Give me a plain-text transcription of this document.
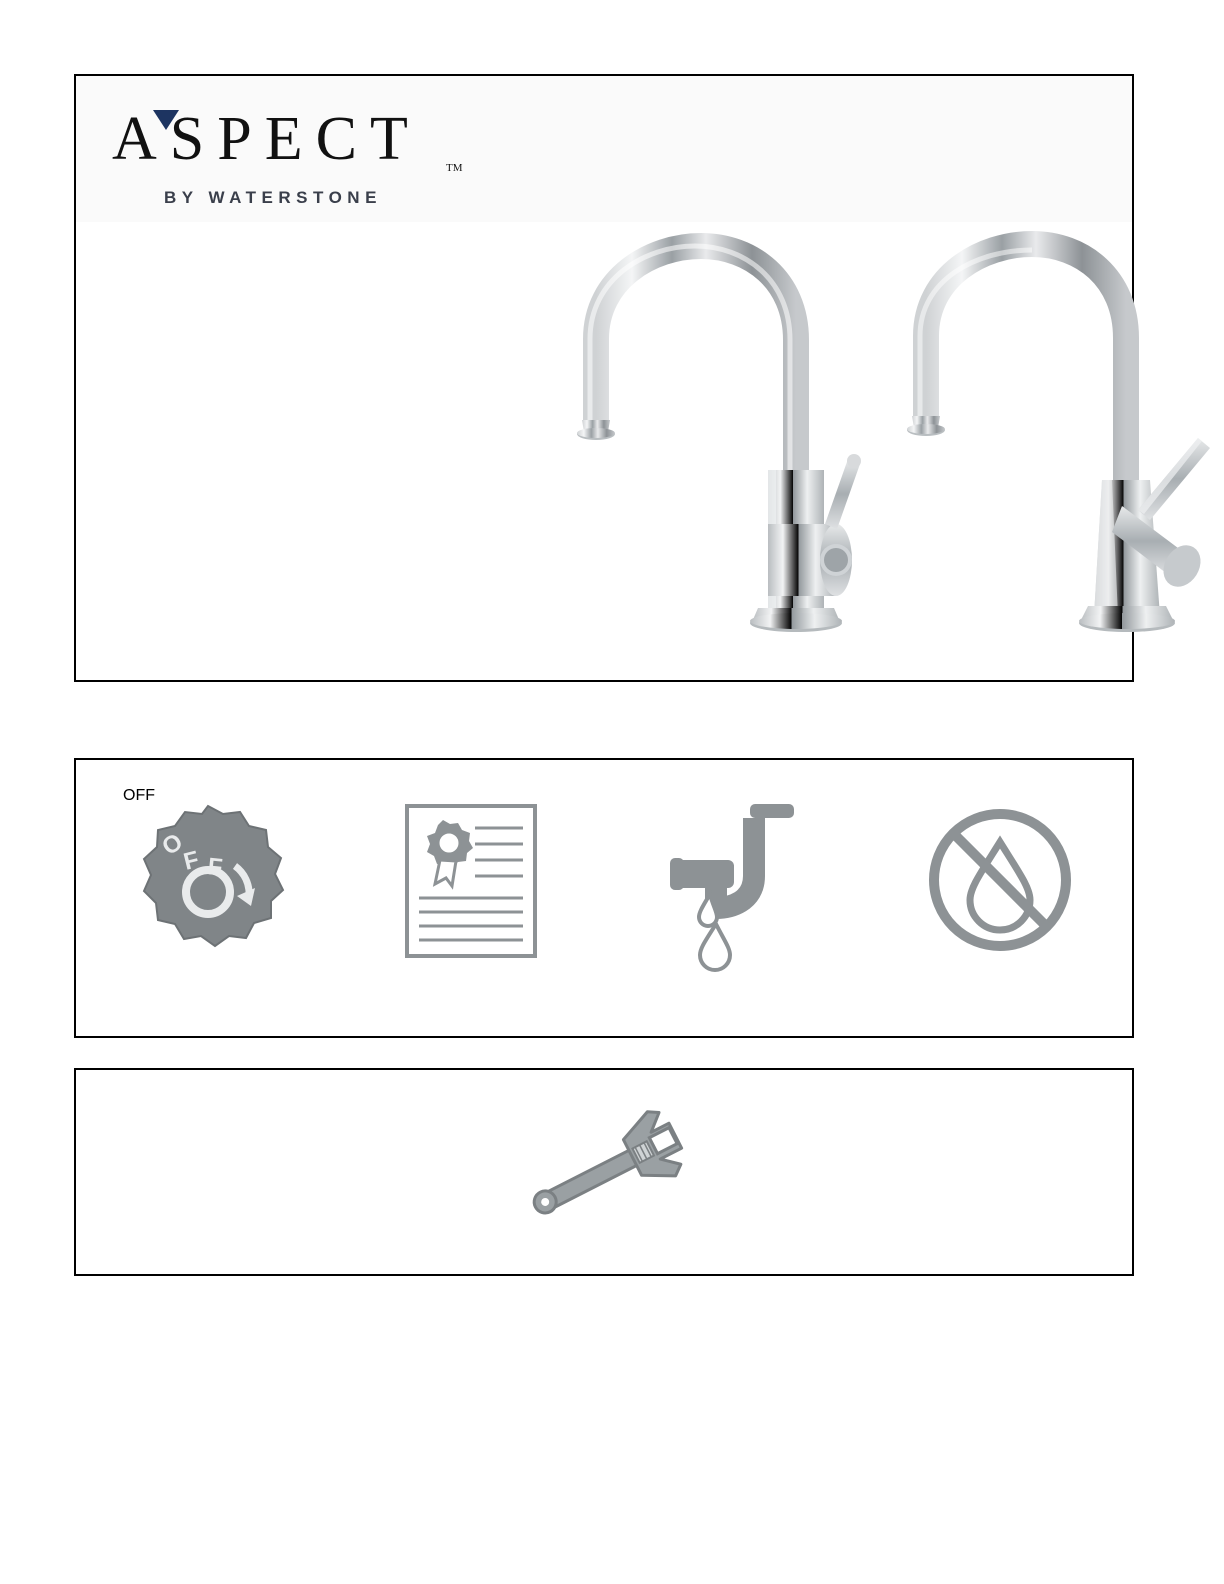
ASPECT TM
BY WATERSTONE
O
F F
OFF
